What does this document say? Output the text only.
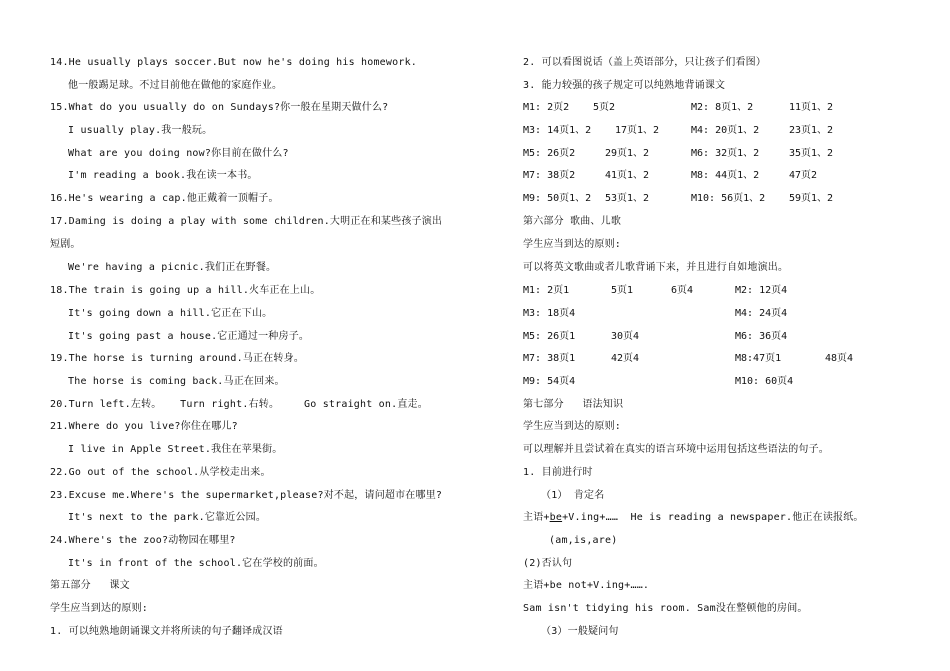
14.He usually plays soccer.But now he's doing his homework.
他一般踢足球。不过目前他在做他的家庭作业。
15.What do you usually do on Sundays?你一般在星期天做什么?
I usually play.我一般玩。
What are you doing now?你目前在做什么?
I'm reading a book.我在读一本书。
16.He's wearing a cap.他正戴着一顶帽子。
17.Daming is doing a play with some children.大明正在和某些孩子演出
短剧。
We're having a picnic.我们正在野餐。
18.The train is going up a hill.火车正在上山。
It's going down a hill.它正在下山。
It's going past a house.它正通过一种房子。
19.The horse is turning around.马正在转身。
The horse is coming back.马正在回来。
20.Turn left.左转。   Turn right.右转。    Go straight on.直走。
21.Where do you live?你住在哪儿?
I live in Apple Street.我住在苹果街。
22.Go out of the school.从学校走出来。
23.Excuse me.Where's the supermarket,please?对不起，请问超市在哪里?
It's next to the park.它靠近公园。
24.Where's the zoo?动物园在哪里?
It's in front of the school.它在学校的前面。
第五部分   课文
学生应当到达的原则:
1. 可以纯熟地朗诵课文并将所读的句子翻译成汉语
2. 可以看图说话（盖上英语部分，只让孩子们看图）
3. 能力较强的孩子规定可以纯熟地背诵课文
M1: 2页2 5页2	M2: 8页1、2	11页1、2
M3: 14页1、2 17页1、2	M4: 20页1、2	23页1、2
M5: 26页2	29页1、2	M6: 32页1、2	35页1、2
M7: 38页2	41页1、2	M8: 44页1、2	47页2
M9: 50页1、2 53页1、2	M10: 56页1、2 59页1、2
第六部分 歌曲、儿歌
学生应当到达的原则:
可以将英文歌曲或者儿歌背诵下来，并且进行自如地演出。
M1: 2页1	5页1	6页4	M2: 12页4
M3: 18页4	M4: 24页4
M5: 26页1	30页4	M6: 36页4
M7: 38页1	42页4	M8:47页1	48页4
M9: 54页4	M10: 60页4
第七部分   语法知识
学生应当到达的原则:
可以理解并且尝试着在真实的语言环境中运用包括这些语法的句子。
1. 目前进行时
（1） 肯定名
主语+be+V.ing+……  He is reading a newspaper.他正在读报纸。
(am,is,are)
(2)否认句
主语+be not+V.ing+…….
Sam isn't tidying his room. Sam没在整顿他的房间。
（3）一般疑问句
